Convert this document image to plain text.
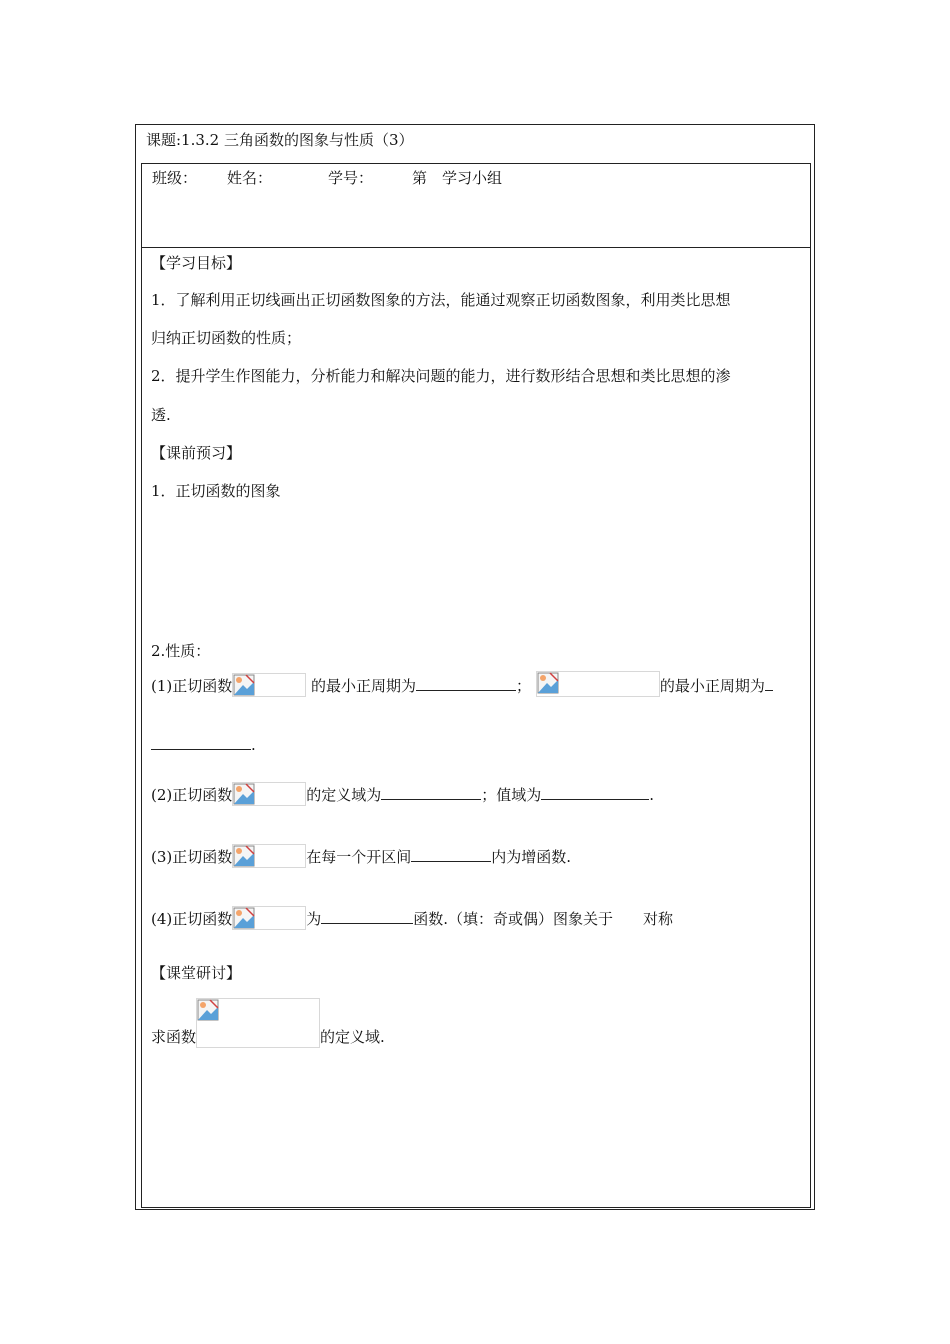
课题:1.3.2 三角函数的图象与性质（3）
班级： 姓名：	学号：	第 学习小组
【学习目标】
1．了解利用正切线画出正切函数图象的方法，能通过观察正切函数图象，利用类比思想
归纳正切函数的性质；
2．提升学生作图能力，分析能力和解决问题的能力，进行数形结合思想和类比思想的渗
透.
【课前预习】
1．正切函数的图象
2.性质：
(1)正切函数	的最小正周期为	；	的最小正周期为
.
(2)正切函数	的定义域为	；值域为	.
(3)正切函数	在每一个开区间	内为增函数.
(4)正切函数	为	函数.（填：奇或偶）图象关于 对称
【课堂研讨】
求函数	的定义域.
